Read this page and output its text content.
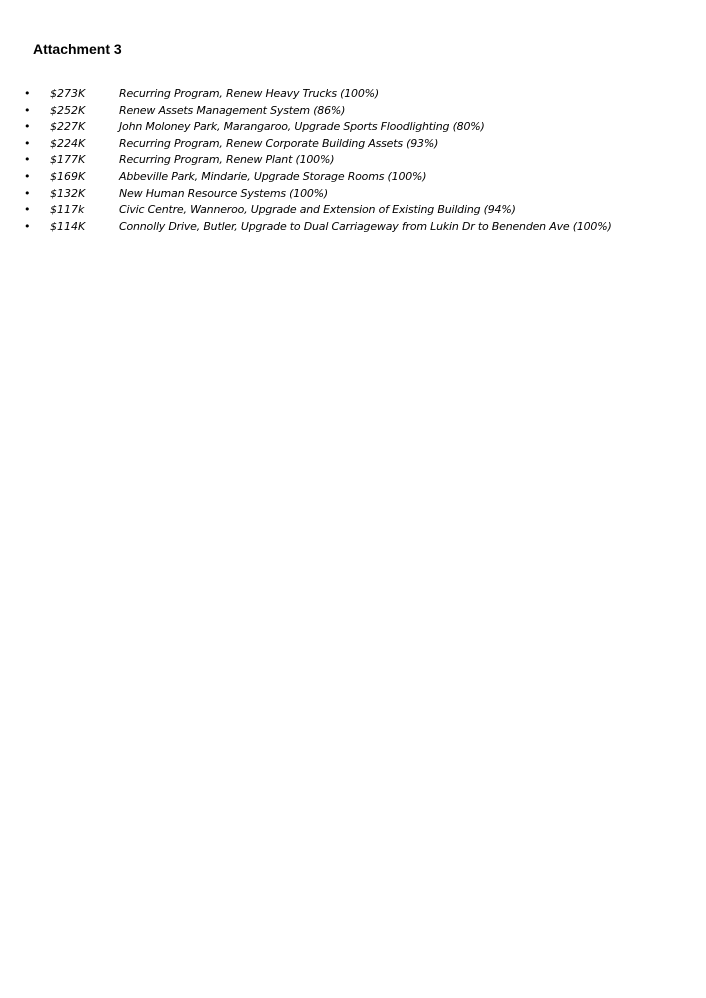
Attachment 3
• $273K	Recurring Program, Renew Heavy Trucks (100%)
• $252K	Renew Assets Management System (86%)
• $227K	John Moloney Park, Marangaroo, Upgrade Sports Floodlighting (80%)
• $224K	Recurring Program, Renew Corporate Building Assets (93%)
• $177K	Recurring Program, Renew Plant (100%)
• $169K	Abbeville Park, Mindarie, Upgrade Storage Rooms (100%)
• $132K	New Human Resource Systems (100%)
• $117k	Civic Centre, Wanneroo, Upgrade and Extension of Existing Building (94%)
• $114K	Connolly Drive, Butler, Upgrade to Dual Carriageway from Lukin Dr to Benenden Ave (100%)
